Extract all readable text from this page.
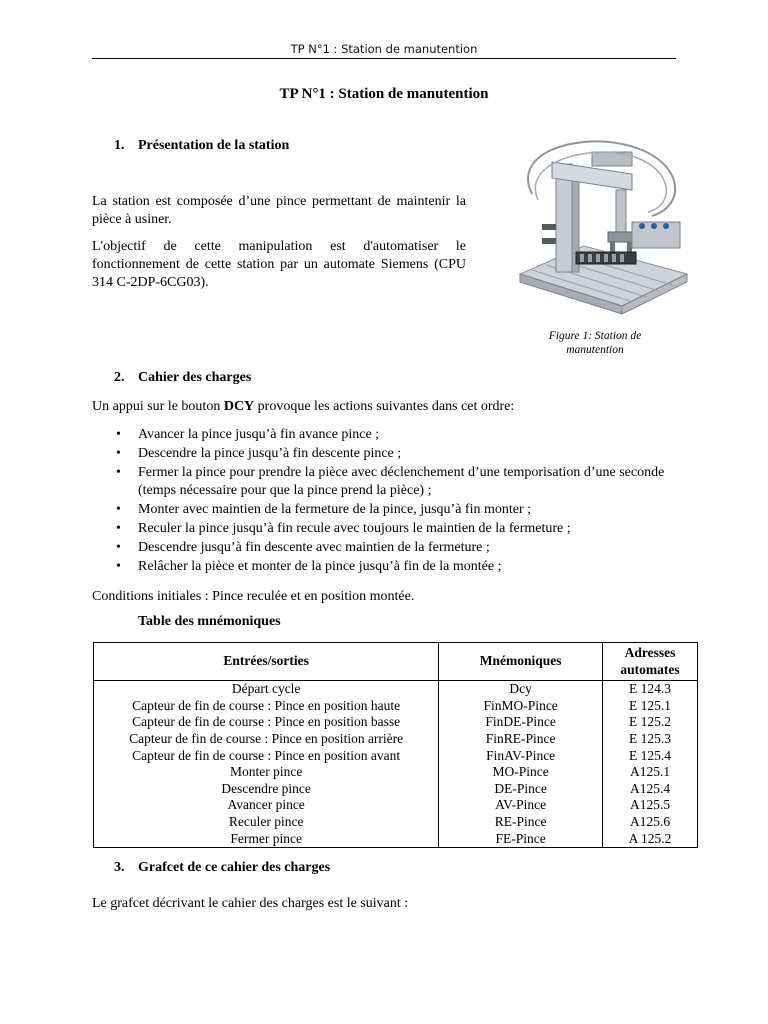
TP N°1 : Station de manutention
TP N°1 : Station de manutention
1. Présentation de la station
La station est composée d’une pince permettant de maintenir la pièce à usiner.
L'objectif de cette manipulation est d'automatiser le fonctionnement de cette station par un automate Siemens (CPU 314 C-2DP-6CG03).
Figure 1: Station de
manutention
2. Cahier des charges
Un appui sur le bouton DCY provoque les actions suivantes dans cet ordre:
• Avancer la pince jusqu’à fin avance pince ;
• Descendre la pince jusqu’à fin descente pince ;
• Fermer la pince pour prendre la pièce avec déclenchement d’une temporisation d’une seconde (temps nécessaire pour que la pince prend la pièce) ;
• Monter avec maintien de la fermeture de la pince, jusqu’à fin monter ;
• Reculer la pince jusqu’à fin recule avec toujours le maintien de la fermeture ;
• Descendre jusqu’à fin descente avec maintien de la fermeture ;
• Relâcher la pièce et monter de la pince jusqu’à fin de la montée ;
Conditions initiales : Pince reculée et en position montée.
Table des mnémoniques
Entrées/sorties	Mnémoniques	Adresses automates
Départ cycle	Dcy	E 124.3
Capteur de fin de course : Pince en position haute	FinMO-Pince	E 125.1
Capteur de fin de course : Pince en position basse	FinDE-Pince	E 125.2
Capteur de fin de course : Pince en position arrière	FinRE-Pince	E 125.3
Capteur de fin de course : Pince en position avant	FinAV-Pince	E 125.4
Monter pince	MO-Pince	A125.1
Descendre pince	DE-Pince	A125.4
Avancer pince	AV-Pince	A125.5
Reculer pince	RE-Pince	A125.6
Fermer pince	FE-Pince	A 125.2
3. Grafcet de ce cahier des charges
Le grafcet décrivant le cahier des charges est le suivant :
